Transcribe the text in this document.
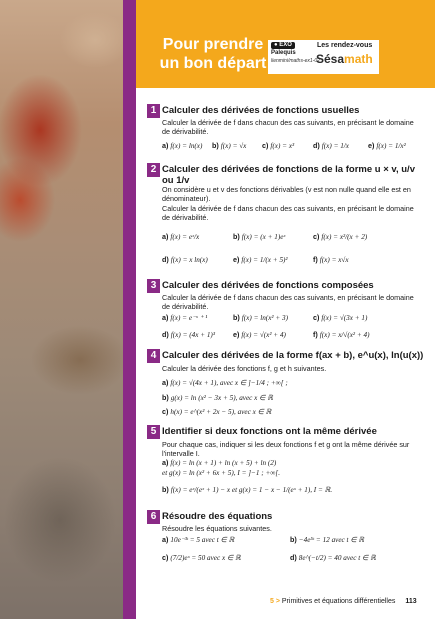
Pour prendre un bon départ
● EXO
Palequis
lienmini/maths-ex1-02
Les rendez-vous
Sésamath
1 Calculer des dérivées de fonctions usuelles
Calculer la dérivée de f dans chacun des cas suivants, en précisant le domaine de dérivabilité.
a) f(x) = ln(x) b) f(x) = √x c) f(x) = x³	d) f(x) = 1/x	e) f(x) = 1/x²
2 Calculer des dérivées de fonctions de la forme u × v, u/v ou 1/v
On considère u et v des fonctions dérivables (v est non nulle quand elle est en dénominateur).
Calculer la dérivée de f dans chacun des cas suivants, en précisant le domaine de dérivabilité.
a) f(x) = eˣ/x	b) f(x) = (x + 1)eˣ	c) f(x) = x²/(x + 2)
d) f(x) = x ln(x)	e) f(x) = 1/(x + 5)²	f) f(x) = x√x
3 Calculer des dérivées de fonctions composées
Calculer la dérivée de f dans chacun des cas suivants, en précisant le domaine de dérivabilité.
a) f(x) = e⁻ˣ ⁺ ¹	b) f(x) = ln(x² + 3)	c) f(x) = √(3x + 1)
d) f(x) = (4x + 1)³	e) f(x) = √(x² + 4)	f) f(x) = x/√(x² + 4)
4 Calculer des dérivées de la forme f(ax + b), e^u(x), ln(u(x))
Calculer la dérivée des fonctions f, g et h suivantes.
a) f(x) = √(4x + 1), avec x ∈ ]−1/4 ; +∞[ ;
b) g(x) = ln (x² − 3x + 5), avec x ∈ ℝ
c) h(x) = e^(x² + 2x − 5), avec x ∈ ℝ
5 Identifier si deux fonctions ont la même dérivée
Pour chaque cas, indiquer si les deux fonctions f et g ont la même dérivée sur l'intervalle I.
a) f(x) = ln (x + 1) + ln (x + 5) + ln (2)
et g(x) = ln (x² + 6x + 5), I = ]−1 ; +∞[.
b) f(x) = eˣ/(eˣ + 1) − x et g(x) = 1 − x − 1/(eˣ + 1), I = ℝ.
6 Résoudre des équations
Résoudre les équations suivantes.
a) 10e⁻³ᵗ = 5 avec t ∈ ℝ	b) −4e⁵ᵗ = 12 avec t ∈ ℝ
c) (7/2)eˣ = 50 avec x ∈ ℝ	d) 8e^(−t/2) = 40 avec t ∈ ℝ
5 > Primitives et équations différentielles 113
